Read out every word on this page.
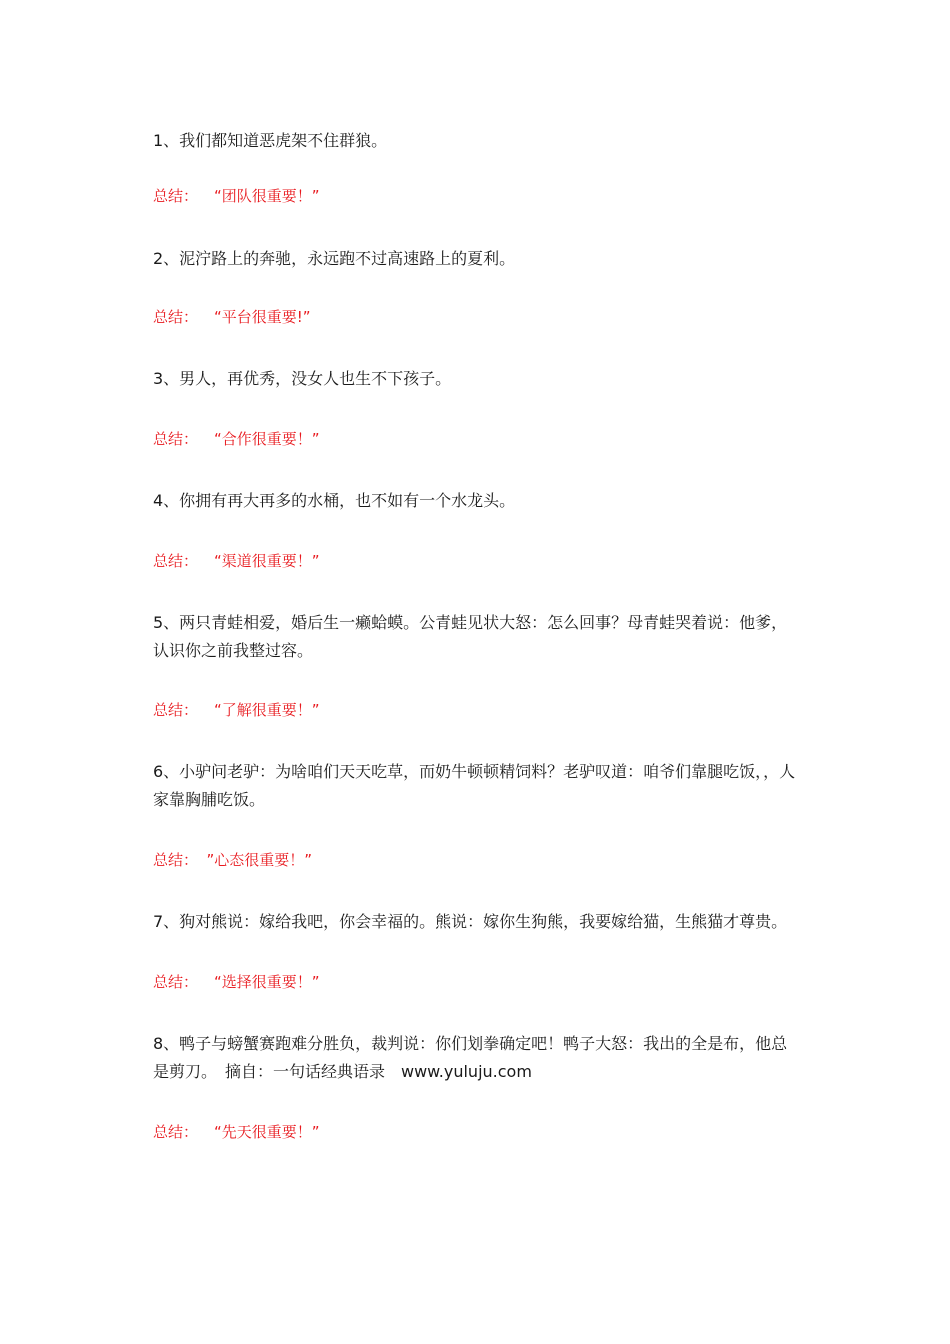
1、我们都知道恶虎架不住群狼。

总结： “团队很重要！”

2、泥泞路上的奔驰，永远跑不过高速路上的夏利。

总结： “平台很重要!”

3、男人，再优秀，没女人也生不下孩子。

总结： “合作很重要！”

4、你拥有再大再多的水桶，也不如有一个水龙头。

总结： “渠道很重要！”

5、两只青蛙相爱，婚后生一癞蛤蟆。公青蛙见状大怒：怎么回事？母青蛙哭着说：他爹，认识你之前我整过容。

总结： “了解很重要！”

6、小驴问老驴：为啥咱们天天吃草，而奶牛顿顿精饲料？老驴叹道：咱爷们靠腿吃饭，，人家靠胸脯吃饭。

总结： ”心态很重要！”

7、狗对熊说：嫁给我吧，你会幸福的。熊说：嫁你生狗熊，我要嫁给猫，生熊猫才尊贵。

总结： “选择很重要！”

8、鸭子与螃蟹赛跑难分胜负，裁判说：你们划拳确定吧！鸭子大怒：我出的全是布，他总是剪刀。　摘自：一句话经典语录　www.yuluju.com

总结： “先天很重要！”
